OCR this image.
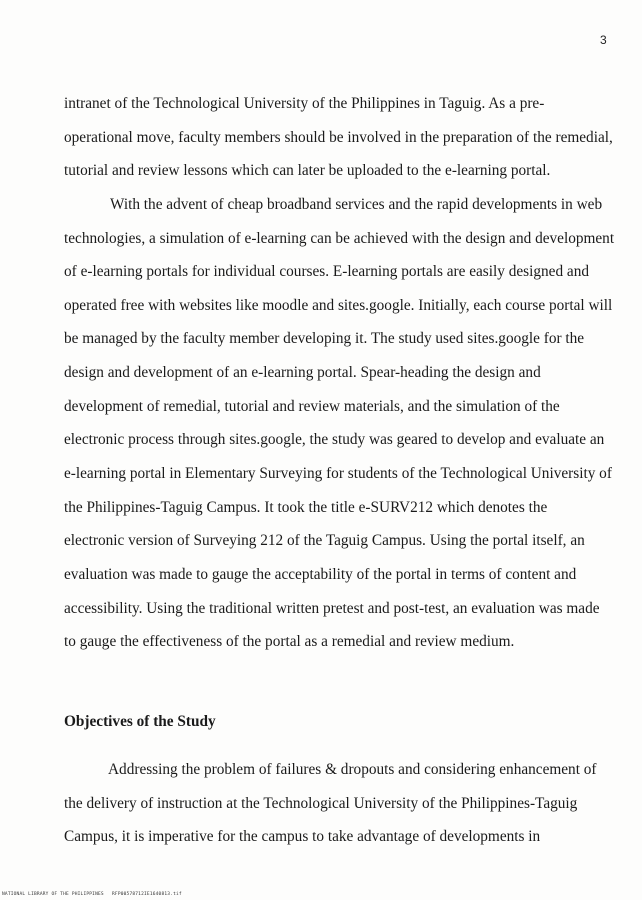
3
intranet of the Technological University of the Philippines in Taguig. As a pre-
operational move, faculty members should be involved in the preparation of the remedial,
tutorial and review lessons which can later be uploaded to the e-learning portal.
With the advent of cheap broadband services and the rapid developments in web
technologies, a simulation of e-learning can be achieved with the design and development
of e-learning portals for individual courses. E-learning portals are easily designed and
operated free with websites like moodle and sites.google. Initially, each course portal will
be managed by the faculty member developing it. The study used sites.google for the
design and development of an e-learning portal. Spear-heading the design and
development of remedial, tutorial and review materials, and the simulation of the
electronic process through sites.google, the study was geared to develop and evaluate an
e-learning portal in Elementary Surveying for students of the Technological University of
the Philippines-Taguig Campus. It took the title e-SURV212 which denotes the
electronic version of Surveying 212 of the Taguig Campus. Using the portal itself, an
evaluation was made to gauge the acceptability of the portal in terms of content and
accessibility. Using the traditional written pretest and post-test, an evaluation was made
to gauge the effectiveness of the portal as a remedial and review medium.
Objectives of the Study
Addressing the problem of failures & dropouts and considering enhancement of
the delivery of instruction at the Technological University of the Philippines-Taguig
Campus, it is imperative for the campus to take advantage of developments in
NATIONAL LIBRARY OF THE PHILIPPINES RFP00578712IE1640813.tif
